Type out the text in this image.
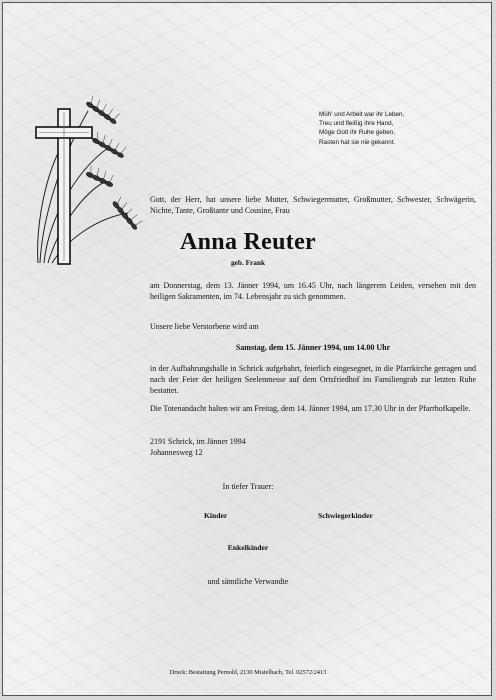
Müh' und Arbeit war ihr Leben,
Treu und fleißig ihre Hand,
Möge Gott ihr Ruhe geben,
Rasten hat sie nie gekannt.
Gott, der Herr, hat unsere liebe Mutter, Schwiegermutter, Großmutter, Schwester, Schwägerin, Nichte, Tante, Großtante und Cousine, Frau
Anna Reuter
geb. Frank
am Donnerstag, dem 13. Jänner 1994, um 16.45 Uhr, nach längerem Leiden, versehen mit den heiligen Sakramenten, im 74. Lebensjahr zu sich genommen.
Unsere liebe Verstorbene wird am
Samstag, dem 15. Jänner 1994, um 14.00 Uhr
in der Aufbahrungshalle in Schrick aufgebahrt, feierlich eingesegnet, in die Pfarrkirche getragen und nach der Feier der heiligen Seelenmesse auf dem Ortsfriedhof im Familiengrab zur letzten Ruhe bestattet.
Die Totenandacht halten wir am Freitag, dem 14. Jänner 1994, um 17.30 Uhr in der Pfarrhofkapelle.
2191 Schrick, im Jänner 1994
Johannesweg 12
In tiefer Trauer:
Kinder	Schwiegerkinder
Enkelkinder
und sämtliche Verwandte
Druck: Bestattung Pernold, 2130 Mistelbach, Tel. 02572/2413
